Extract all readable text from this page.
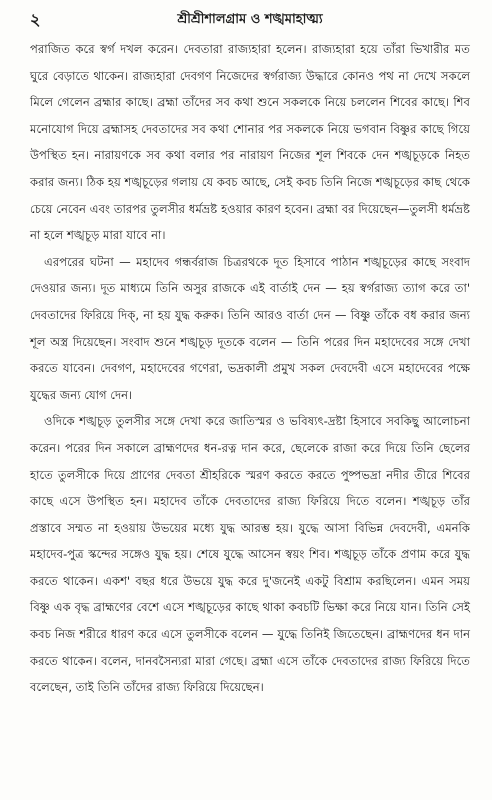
২	শ্রীশ্রীশালগ্রাম ও শঙ্খমাহাত্ম্য

পরাজিত করে স্বর্গ দখল করেন। দেবতারা রাজ্যহারা হলেন। রাজ্যহারা হয়ে তাঁরা ভিখারীর মত ঘুরে বেড়াতে থাকেন। রাজ্যহারা দেবগণ নিজেদের স্বর্গরাজ্য উদ্ধারে কোনও পথ না দেখে সকলে মিলে গেলেন ব্রহ্মার কাছে। ব্রহ্মা তাঁদের সব কথা শুনে সকলকে নিয়ে চললেন শিবের কাছে। শিব মনোযোগ দিয়ে ব্রহ্মাসহ দেবতাদের সব কথা শোনার পর সকলকে নিয়ে ভগবান বিষ্ণুর কাছে গিয়ে উপস্থিত হন। নারায়ণকে সব কথা বলার পর নারায়ণ নিজের শূল শিবকে দেন শঙ্খচূড়কে নিহত করার জন্য। ঠিক হয় শঙ্খচূড়ের গলায় যে কবচ আছে, সেই কবচ তিনি নিজে শঙ্খচূড়ের কাছ থেকে চেয়ে নেবেন এবং তারপর তুলসীর ধর্মভ্রষ্ট হওয়ার কারণ হবেন। ব্রহ্মা বর দিয়েছেন—তুলসী ধর্মভ্রষ্ট না হলে শঙ্খচূড় মারা যাবে না।

এরপরের ঘটনা — মহাদেব গন্ধর্বরাজ চিত্ররথকে দূত হিসাবে পাঠান শঙ্খচূড়ের কাছে সংবাদ দেওয়ার জন্য। দূত মাধ্যমে তিনি অসুর রাজকে এই বার্তাই দেন — হয় স্বর্গরাজ্য ত্যাগ করে তা' দেবতাদের ফিরিয়ে দিক্, না হয় যুদ্ধ করুক। তিনি আরও বার্তা দেন — বিষ্ণু তাঁকে বধ করার জন্য শূল অস্ত্র দিয়েছেন। সংবাদ শুনে শঙ্খচূড় দূতকে বলেন — তিনি পরের দিন মহাদেবের সঙ্গে দেখা করতে যাবেন। দেবগণ, মহাদেবের গণেরা, ভদ্রকালী প্রমুখ সকল দেবদেবী এসে মহাদেবের পক্ষে যুদ্ধের জন্য যোগ দেন।

ওদিকে শঙ্খচূড় তুলসীর সঙ্গে দেখা করে জাতিস্মর ও ভবিষ্যৎ-দ্রষ্টা হিসাবে সবকিছু আলোচনা করেন। পরের দিন সকালে ব্রাহ্মণদের ধন-রত্ন দান করে, ছেলেকে রাজা করে দিয়ে তিনি ছেলের হাতে তুলসীকে দিয়ে প্রাণের দেবতা শ্রীহরিকে স্মরণ করতে করতে পুষ্পভদ্রা নদীর তীরে শিবের কাছে এসে উপস্থিত হন। মহাদেব তাঁকে দেবতাদের রাজ্য ফিরিয়ে দিতে বলেন। শঙ্খচূড় তাঁর প্রস্তাবে সম্মত না হওয়ায় উভয়ের মধ্যে যুদ্ধ আরম্ভ হয়। যুদ্ধে আসা বিভিন্ন দেবদেবী, এমনকি মহাদেব-পুত্র স্কন্দের সঙ্গেও যুদ্ধ হয়। শেষে যুদ্ধে আসেন স্বয়ং শিব। শঙ্খচূড় তাঁকে প্রণাম করে যুদ্ধ করতে থাকেন। একশ' বছর ধরে উভয়ে যুদ্ধ করে দু'জনেই একটু বিশ্রাম করছিলেন। এমন সময় বিষ্ণু এক বৃদ্ধ ব্রাহ্মণের বেশে এসে শঙ্খচূড়ের কাছে থাকা কবচটি ভিক্ষা করে নিয়ে যান। তিনি সেই কবচ নিজ শরীরে ধারণ করে এসে তুলসীকে বলেন — যুদ্ধে তিনিই জিতেছেন। ব্রাহ্মণদের ধন দান করতে থাকেন। বলেন, দানবসৈন্যরা মারা গেছে। ব্রহ্মা এসে তাঁকে দেবতাদের রাজ্য ফিরিয়ে দিতে বলেছেন, তাই তিনি তাঁদের রাজ্য ফিরিয়ে দিয়েছেন।
